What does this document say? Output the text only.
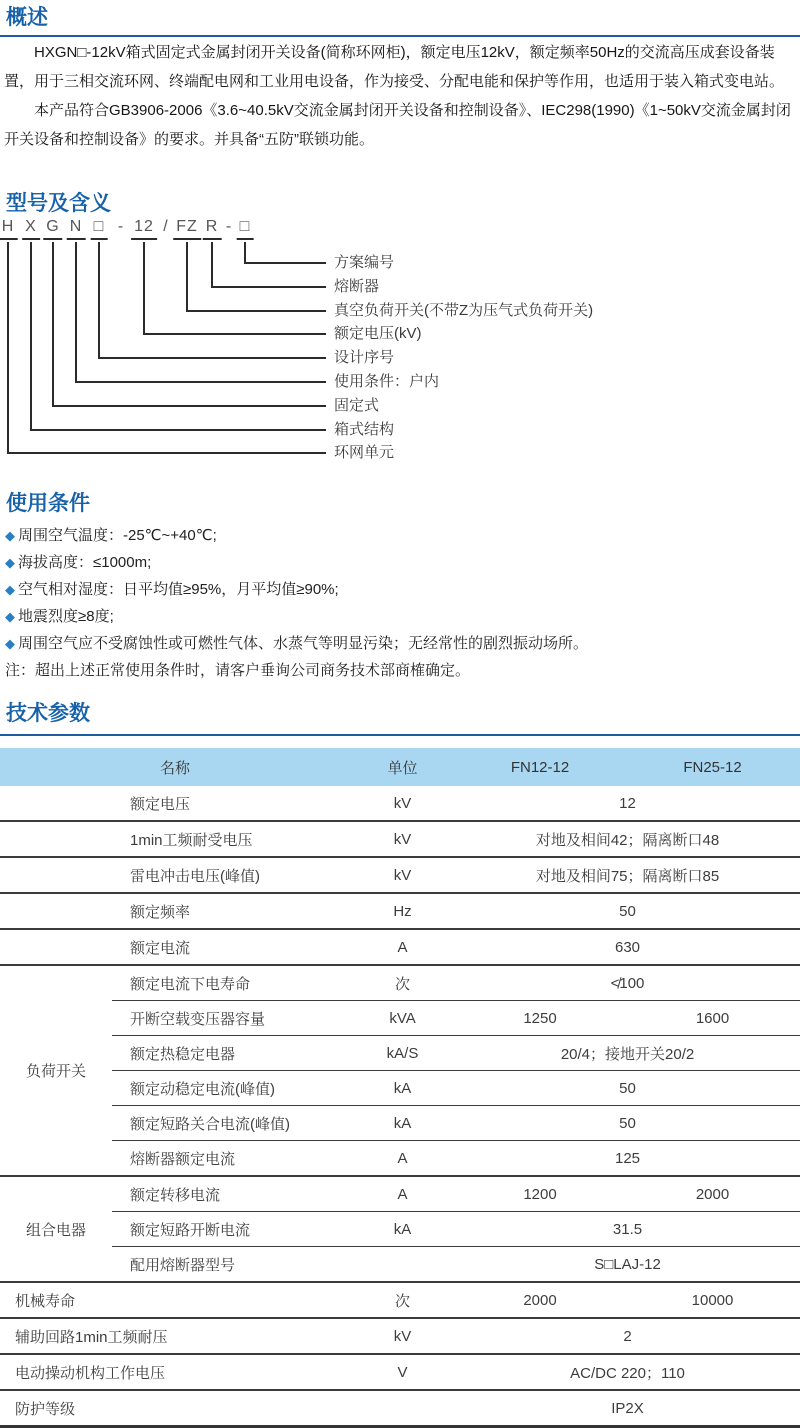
概述

HXGN□-12kV箱式固定式金属封闭开关设备(简称环网柜)，额定电压12kV，额定频率50Hz的交流高压成套设备装置，用于三相交流环网、终端配电网和工业用电设备，作为接受、分配电能和保护等作用，也适用于装入箱式变电站。

本产品符合GB3906-2006《3.6~40.5kV交流金属封闭开关设备和控制设备》、IEC298(1990)《1~50kV交流金属封闭开关设备和控制设备》的要求。并具备“五防”联锁功能。

型号及含义
H X G N □ - 12 / FZ R - □
方案编号
熔断器
真空负荷开关(不带Z为压气式负荷开关)
额定电压(kV)
设计序号
使用条件：户内
固定式
箱式结构
环网单元
使用条件
◆ 周围空气温度：-25℃~+40℃;
◆ 海拔高度：≤1000m;
◆ 空气相对湿度：日平均值≥95%，月平均值≥90%;
◆ 地震烈度≥8度;
◆ 周围空气应不受腐蚀性或可燃性气体、水蒸气等明显污染；无经常性的剧烈振动场所。
注：超出上述正常使用条件时，请客户垂询公司商务技术部商榷确定。
技术参数
名称		单位	FN12-12	FN25-12
额定电压		kV	12	
1min工频耐受电压		kV	对地及相间42；隔离断口48	
雷电冲击电压(峰值)		kV	对地及相间75；隔离断口85	
额定频率		Hz	50	
额定电流		A	630	
负荷开关	额定电流下电寿命	次	≮100	
	开断空载变压器容量	kVA	1250	1600
	额定热稳定电器	kA/S	20/4；接地开关20/2	
	额定动稳定电流(峰值)	kA	50	
	额定短路关合电流(峰值)	kA	50	
	熔断器额定电流	A	125	
组合电器	额定转移电流	A	1200	2000
	额定短路开断电流	kA	31.5	
	配用熔断器型号		S□LAJ-12	
机械寿命		次	2000	10000
辅助回路1min工频耐压		kV	2	
电动操动机构工作电压		V	AC/DC 220；110	
防护等级			IP2X	
